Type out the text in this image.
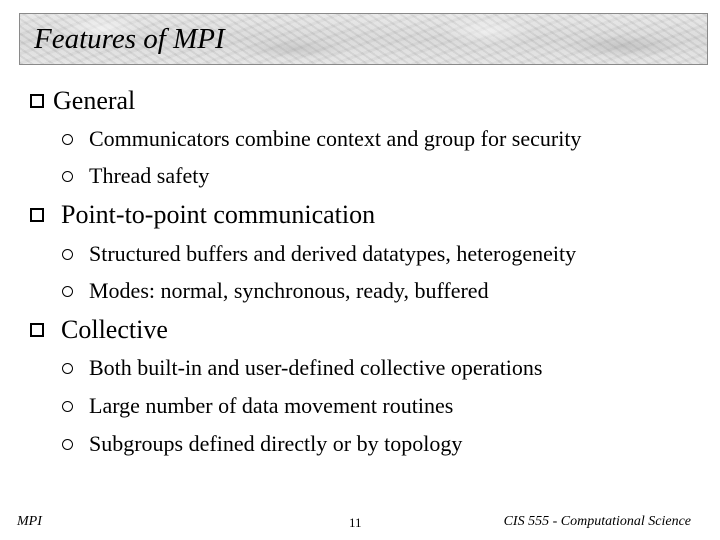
Features of MPI
General
Communicators combine context and group for security
Thread safety
Point-to-point communication
Structured buffers and derived datatypes, heterogeneity
Modes: normal, synchronous, ready, buffered
Collective
Both built-in and user-defined collective operations
Large number of data movement routines
Subgroups defined directly or by topology
MPI	11	CIS 555 - Computational Science
